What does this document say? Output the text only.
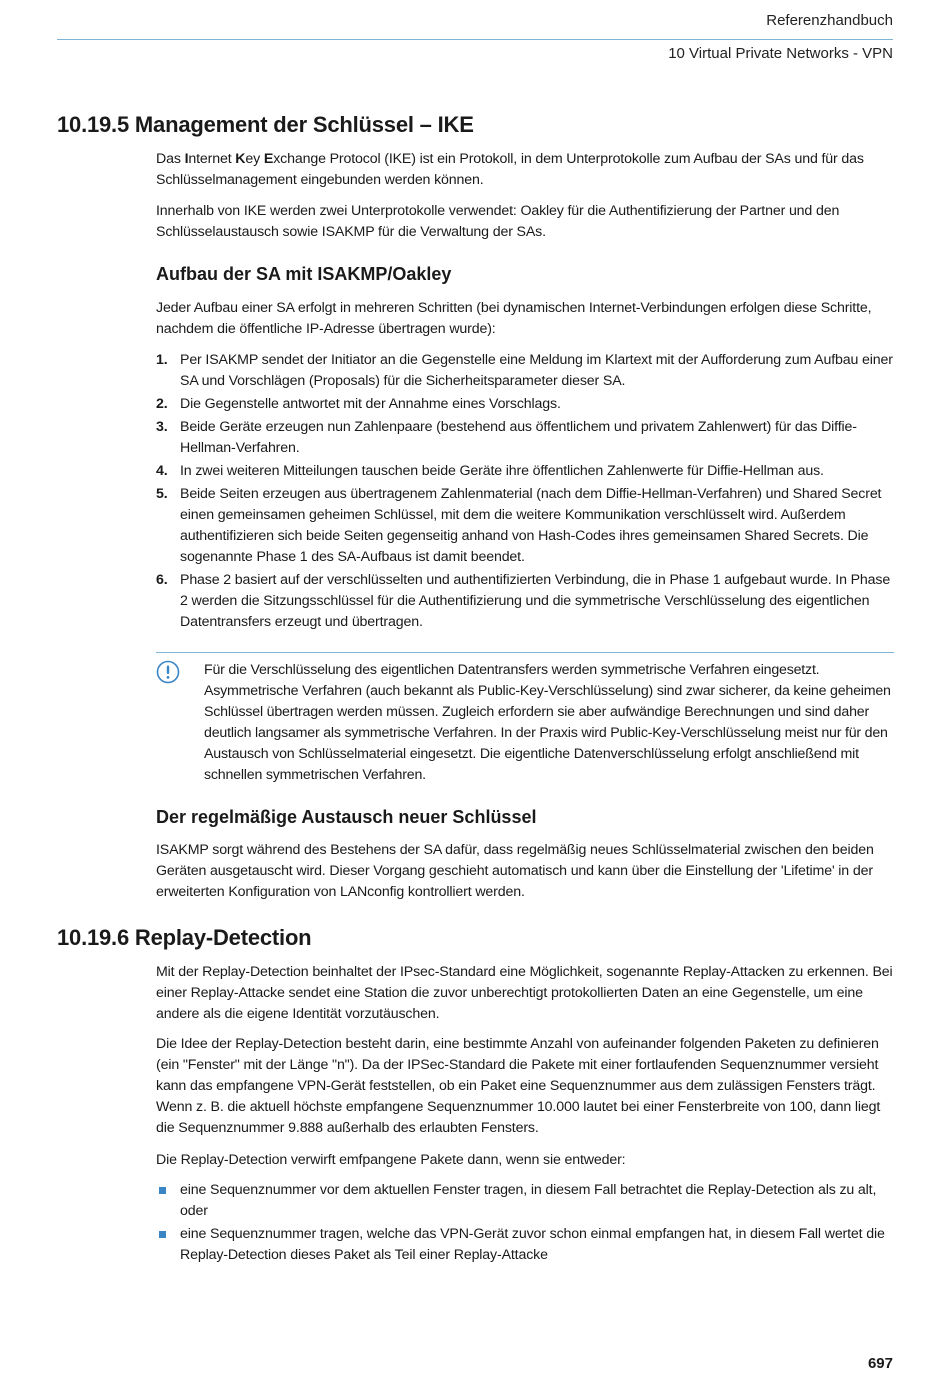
Referenzhandbuch
10 Virtual Private Networks - VPN
10.19.5 Management der Schlüssel – IKE
Das Internet Key Exchange Protocol (IKE) ist ein Protokoll, in dem Unterprotokolle zum Aufbau der SAs und für das Schlüsselmanagement eingebunden werden können.
Innerhalb von IKE werden zwei Unterprotokolle verwendet: Oakley für die Authentifizierung der Partner und den Schlüsselaustausch sowie ISAKMP für die Verwaltung der SAs.
Aufbau der SA mit ISAKMP/Oakley
Jeder Aufbau einer SA erfolgt in mehreren Schritten (bei dynamischen Internet-Verbindungen erfolgen diese Schritte, nachdem die öffentliche IP-Adresse übertragen wurde):
1. Per ISAKMP sendet der Initiator an die Gegenstelle eine Meldung im Klartext mit der Aufforderung zum Aufbau einer SA und Vorschlägen (Proposals) für die Sicherheitsparameter dieser SA.
2. Die Gegenstelle antwortet mit der Annahme eines Vorschlags.
3. Beide Geräte erzeugen nun Zahlenpaare (bestehend aus öffentlichem und privatem Zahlenwert) für das Diffie-Hellman-Verfahren.
4. In zwei weiteren Mitteilungen tauschen beide Geräte ihre öffentlichen Zahlenwerte für Diffie-Hellman aus.
5. Beide Seiten erzeugen aus übertragenem Zahlenmaterial (nach dem Diffie-Hellman-Verfahren) und Shared Secret einen gemeinsamen geheimen Schlüssel, mit dem die weitere Kommunikation verschlüsselt wird. Außerdem authentifizieren sich beide Seiten gegenseitig anhand von Hash-Codes ihres gemeinsamen Shared Secrets. Die sogenannte Phase 1 des SA-Aufbaus ist damit beendet.
6. Phase 2 basiert auf der verschlüsselten und authentifizierten Verbindung, die in Phase 1 aufgebaut wurde. In Phase 2 werden die Sitzungsschlüssel für die Authentifizierung und die symmetrische Verschlüsselung des eigentlichen Datentransfers erzeugt und übertragen.
Für die Verschlüsselung des eigentlichen Datentransfers werden symmetrische Verfahren eingesetzt. Asymmetrische Verfahren (auch bekannt als Public-Key-Verschlüsselung) sind zwar sicherer, da keine geheimen Schlüssel übertragen werden müssen. Zugleich erfordern sie aber aufwändige Berechnungen und sind daher deutlich langsamer als symmetrische Verfahren. In der Praxis wird Public-Key-Verschlüsselung meist nur für den Austausch von Schlüsselmaterial eingesetzt. Die eigentliche Datenverschlüsselung erfolgt anschließend mit schnellen symmetrischen Verfahren.
Der regelmäßige Austausch neuer Schlüssel
ISAKMP sorgt während des Bestehens der SA dafür, dass regelmäßig neues Schlüsselmaterial zwischen den beiden Geräten ausgetauscht wird. Dieser Vorgang geschieht automatisch und kann über die Einstellung der 'Lifetime' in der erweiterten Konfiguration von LANconfig kontrolliert werden.
10.19.6 Replay-Detection
Mit der Replay-Detection beinhaltet der IPsec-Standard eine Möglichkeit, sogenannte Replay-Attacken zu erkennen. Bei einer Replay-Attacke sendet eine Station die zuvor unberechtigt protokollierten Daten an eine Gegenstelle, um eine andere als die eigene Identität vorzutäuschen.
Die Idee der Replay-Detection besteht darin, eine bestimmte Anzahl von aufeinander folgenden Paketen zu definieren (ein "Fenster" mit der Länge "n"). Da der IPSec-Standard die Pakete mit einer fortlaufenden Sequenznummer versieht kann das empfangene VPN-Gerät feststellen, ob ein Paket eine Sequenznummer aus dem zulässigen Fensters trägt. Wenn z. B. die aktuell höchste empfangene Sequenznummer 10.000 lautet bei einer Fensterbreite von 100, dann liegt die Sequenznummer 9.888 außerhalb des erlaubten Fensters.
Die Replay-Detection verwirft emfpangene Pakete dann, wenn sie entweder:
eine Sequenznummer vor dem aktuellen Fenster tragen, in diesem Fall betrachtet die Replay-Detection als zu alt, oder
eine Sequenznummer tragen, welche das VPN-Gerät zuvor schon einmal empfangen hat, in diesem Fall wertet die Replay-Detection dieses Paket als Teil einer Replay-Attacke
697
